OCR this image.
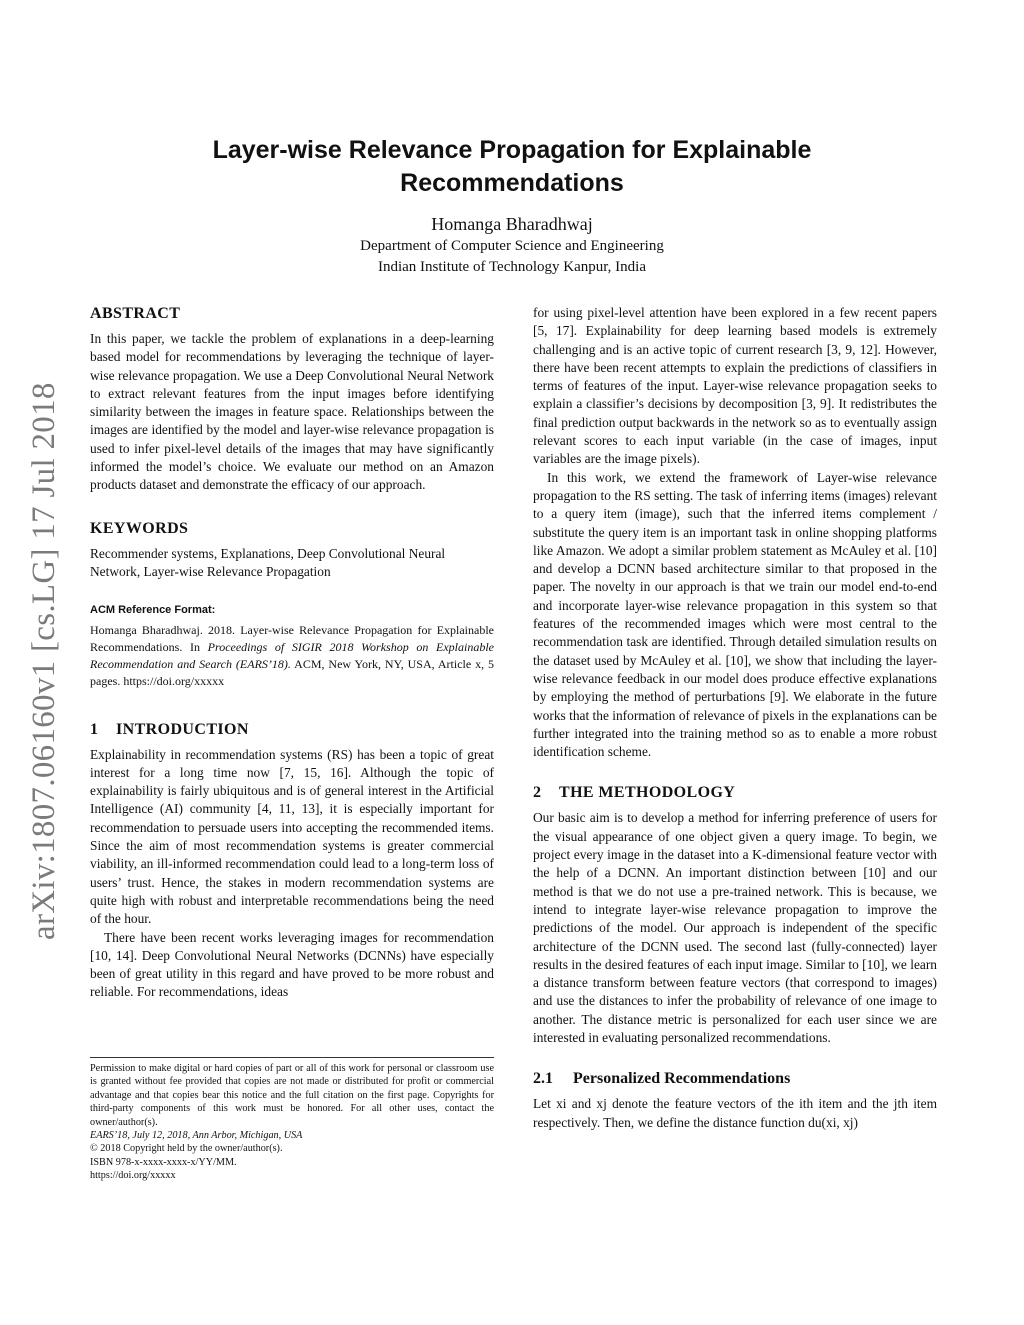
arXiv:1807.06160v1 [cs.LG] 17 Jul 2018
Layer-wise Relevance Propagation for Explainable
Recommendations
Homanga Bharadhwaj
Department of Computer Science and Engineering
Indian Institute of Technology Kanpur, India
ABSTRACT

In this paper, we tackle the problem of explanations in a deep-learning based model for recommendations by leveraging the technique of layer-wise relevance propagation. We use a Deep Convolutional Neural Network to extract relevant features from the input images before identifying similarity between the images in feature space. Relationships between the images are identified by the model and layer-wise relevance propagation is used to infer pixel-level details of the images that may have significantly informed the model’s choice. We evaluate our method on an Amazon products dataset and demonstrate the efficacy of our approach.

KEYWORDS

Recommender systems, Explanations, Deep Convolutional Neural Network, Layer-wise Relevance Propagation

ACM Reference Format:

Homanga Bharadhwaj. 2018. Layer-wise Relevance Propagation for Explainable Recommendations. In Proceedings of SIGIR 2018 Workshop on Explainable Recommendation and Search (EARS’18). ACM, New York, NY, USA, Article x, 5 pages. https://doi.org/xxxxx

1 INTRODUCTION

Explainability in recommendation systems (RS) has been a topic of great interest for a long time now [7, 15, 16]. Although the topic of explainability is fairly ubiquitous and is of general interest in the Artificial Intelligence (AI) community [4, 11, 13], it is especially important for recommendation to persuade users into accepting the recommended items. Since the aim of most recommendation systems is greater commercial viability, an ill-informed recommendation could lead to a long-term loss of users’ trust. Hence, the stakes in modern recommendation systems are quite high with robust and interpretable recommendations being the need of the hour.

There have been recent works leveraging images for recommendation [10, 14]. Deep Convolutional Neural Networks (DCNNs) have especially been of great utility in this regard and have proved to be more robust and reliable. For recommendations, ideas

for using pixel-level attention have been explored in a few recent papers [5, 17]. Explainability for deep learning based models is extremely challenging and is an active topic of current research [3, 9, 12]. However, there have been recent attempts to explain the predictions of classifiers in terms of features of the input. Layer-wise relevance propagation seeks to explain a classifier’s decisions by decomposition [3, 9]. It redistributes the final prediction output backwards in the network so as to eventually assign relevant scores to each input variable (in the case of images, input variables are the image pixels).

In this work, we extend the framework of Layer-wise relevance propagation to the RS setting. The task of inferring items (images) relevant to a query item (image), such that the inferred items complement / substitute the query item is an important task in online shopping platforms like Amazon. We adopt a similar problem statement as McAuley et al. [10] and develop a DCNN based architecture similar to that proposed in the paper. The novelty in our approach is that we train our model end-to-end and incorporate layer-wise relevance propagation in this system so that features of the recommended images which were most central to the recommendation task are identified. Through detailed simulation results on the dataset used by McAuley et al. [10], we show that including the layer-wise relevance feedback in our model does produce effective explanations by employing the method of perturbations [9]. We elaborate in the future works that the information of relevance of pixels in the explanations can be further integrated into the training method so as to enable a more robust identification scheme.

2 THE METHODOLOGY

Our basic aim is to develop a method for inferring preference of users for the visual appearance of one object given a query image. To begin, we project every image in the dataset into a K-dimensional feature vector with the help of a DCNN. An important distinction between [10] and our method is that we do not use a pre-trained network. This is because, we intend to integrate layer-wise relevance propagation to improve the predictions of the model. Our approach is independent of the specific architecture of the DCNN used. The second last (fully-connected) layer results in the desired features of each input image. Similar to [10], we learn a distance transform between feature vectors (that correspond to images) and use the distances to infer the probability of relevance of one image to another. The distance metric is personalized for each user since we are interested in evaluating personalized recommendations.

2.1 Personalized Recommendations

Let xi and xj denote the feature vectors of the ith item and the jth item respectively. Then, we define the distance function du(xi, xj)

Permission to make digital or hard copies of part or all of this work for personal or classroom use is granted without fee provided that copies are not made or distributed for profit or commercial advantage and that copies bear this notice and the full citation on the first page. Copyrights for third-party components of this work must be honored. For all other uses, contact the owner/author(s).

EARS’18, July 12, 2018, Ann Arbor, Michigan, USA
© 2018 Copyright held by the owner/author(s).
ISBN 978-x-xxxx-xxxx-x/YY/MM.
https://doi.org/xxxxx
